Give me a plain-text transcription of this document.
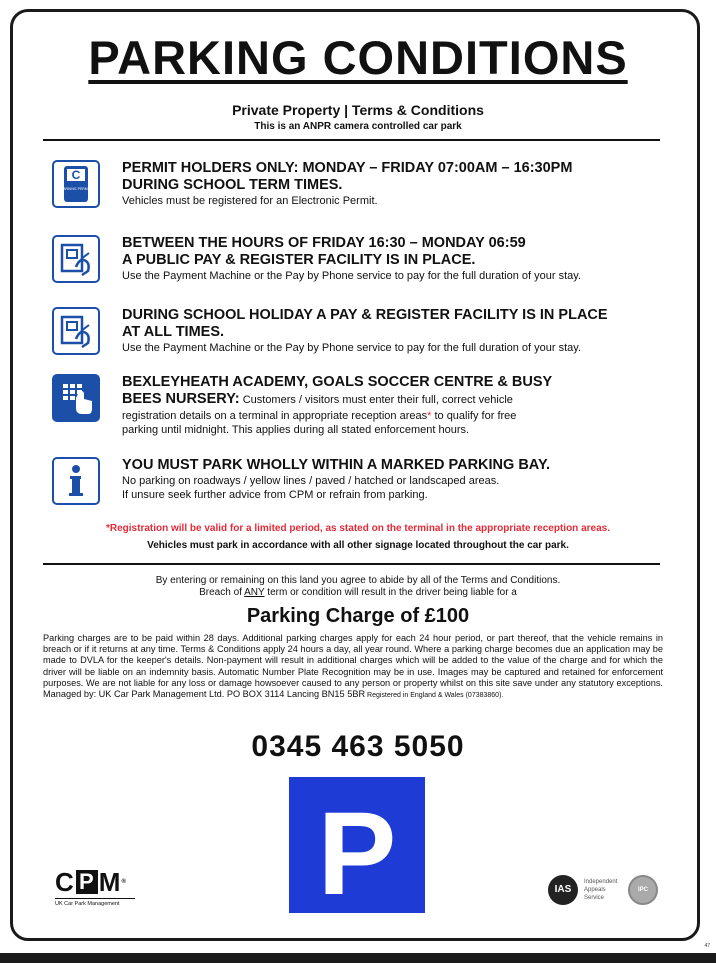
PARKING CONDITIONS
Private Property | Terms & Conditions
This is an ANPR camera controlled car park
C
PARKING PERMIT
PERMIT HOLDERS ONLY: MONDAY – FRIDAY 07:00AM – 16:30PM
DURING SCHOOL TERM TIMES.
Vehicles must be registered for an Electronic Permit.
BETWEEN THE HOURS OF FRIDAY 16:30 – MONDAY 06:59
A PUBLIC PAY & REGISTER FACILITY IS IN PLACE.
Use the Payment Machine or the Pay by Phone service to pay for the full duration of your stay.
DURING SCHOOL HOLIDAY A PAY & REGISTER FACILITY IS IN PLACE
AT ALL TIMES.
Use the Payment Machine or the Pay by Phone service to pay for the full duration of your stay.
BEXLEYHEATH ACADEMY, GOALS SOCCER CENTRE & BUSY
BEES NURSERY: Customers / visitors must enter their full, correct vehicle
registration details on a terminal in appropriate reception areas* to qualify for free
parking until midnight. This applies during all stated enforcement hours.
YOU MUST PARK WHOLLY WITHIN A MARKED PARKING BAY.
No parking on roadways / yellow lines / paved / hatched or landscaped areas.
If unsure seek further advice from CPM or refrain from parking.
*Registration will be valid for a limited period, as stated on the terminal in the appropriate reception areas.
Vehicles must park in accordance with all other signage located throughout the car park.
By entering or remaining on this land you agree to abide by all of the Terms and Conditions.
Breach of ANY term or condition will result in the driver being liable for a
Parking Charge of £100
Parking charges are to be paid within 28 days. Additional parking charges apply for each 24 hour period, or part thereof, that the vehicle remains in breach or if it returns at any time. Terms & Conditions apply 24 hours a day, all year round. Where a parking charge becomes due an application may be made to DVLA for the keeper's details. Non-payment will result in additional charges which will be added to the value of the charge and for which the driver will be liable on an indemnity basis. Automatic Number Plate Recognition may be in use. Images may be captured and retained for enforcement purposes. We are not liable for any loss or damage howsoever caused to any person or property whilst on this site save under any statutory exceptions. Managed by: UK Car Park Management Ltd. PO BOX 3114 Lancing BN15 5BR Registered in England & Wales (07383860).
0345 463 5050
P
C P M ®
UK Car Park Management
IAS
Independent
Appeals
Service
IPC
47
